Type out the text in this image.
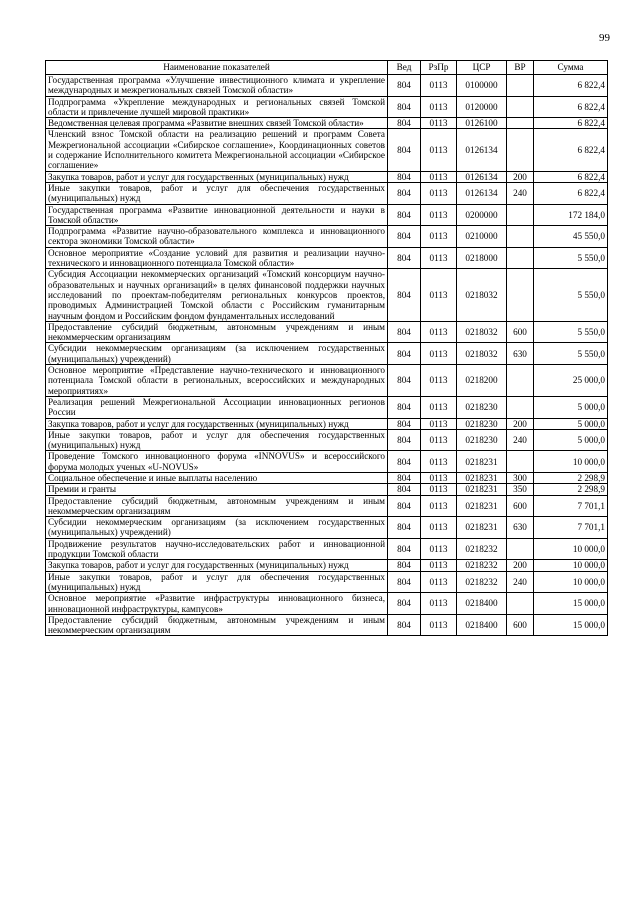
99
Наименование показателей	Вед	РзПр	ЦСР	ВР	Сумма
Государственная программа «Улучшение инвестиционного климата и укрепление международных и межрегиональных связей Томской области»	804	0113	0100000		6 822,4
Подпрограмма «Укрепление международных и региональных связей Томской области и привлечение лучшей мировой практики»	804	0113	0120000		6 822,4
Ведомственная целевая программа «Развитие внешних связей Томской области»	804	0113	0126100		6 822,4
Членский взнос Томской области на реализацию решений и программ Совета Межрегиональной ассоциации «Сибирское соглашение», Координационных советов и содержание Исполнительного комитета Межрегиональной ассоциации «Сибирское соглашение»	804	0113	0126134		6 822,4
Закупка товаров, работ и услуг для государственных (муниципальных) нужд	804	0113	0126134	200	6 822,4
Иные закупки товаров, работ и услуг для обеспечения государственных (муниципальных) нужд	804	0113	0126134	240	6 822,4
Государственная программа «Развитие инновационной деятельности и науки в Томской области»	804	0113	0200000		172 184,0
Подпрограмма «Развитие научно-образовательного комплекса и инновационного сектора экономики Томской области»	804	0113	0210000		45 550,0
Основное мероприятие «Создание условий для развития и реализации научно-технического и инновационного потенциала Томской области»	804	0113	0218000		5 550,0
Субсидия Ассоциации некоммерческих организаций «Томский консорциум научно-образовательных и научных организаций» в целях финансовой поддержки научных исследований по проектам-победителям региональных конкурсов проектов, проводимых Администрацией Томской области с Российским гуманитарным научным фондом и Российским фондом фундаментальных исследований	804	0113	0218032		5 550,0
Предоставление субсидий бюджетным, автономным учреждениям и иным некоммерческим организациям	804	0113	0218032	600	5 550,0
Субсидии некоммерческим организациям (за исключением государственных (муниципальных) учреждений)	804	0113	0218032	630	5 550,0
Основное мероприятие «Представление научно-технического и инновационного потенциала Томской области в региональных, всероссийских и международных мероприятиях»	804	0113	0218200		25 000,0
Реализация решений Межрегиональной Ассоциации инновационных регионов России	804	0113	0218230		5 000,0
Закупка товаров, работ и услуг для государственных (муниципальных) нужд	804	0113	0218230	200	5 000,0
Иные закупки товаров, работ и услуг для обеспечения государственных (муниципальных) нужд	804	0113	0218230	240	5 000,0
Проведение Томского инновационного форума «INNOVUS» и всероссийского форума молодых ученых «U-NOVUS»	804	0113	0218231		10 000,0
Социальное обеспечение и иные выплаты населению	804	0113	0218231	300	2 298,9
Премии и гранты	804	0113	0218231	350	2 298,9
Предоставление субсидий бюджетным, автономным учреждениям и иным некоммерческим организациям	804	0113	0218231	600	7 701,1
Субсидии некоммерческим организациям (за исключением государственных (муниципальных) учреждений)	804	0113	0218231	630	7 701,1
Продвижение результатов научно-исследовательских работ и инновационной продукции Томской области	804	0113	0218232		10 000,0
Закупка товаров, работ и услуг для государственных (муниципальных) нужд	804	0113	0218232	200	10 000,0
Иные закупки товаров, работ и услуг для обеспечения государственных (муниципальных) нужд	804	0113	0218232	240	10 000,0
Основное мероприятие «Развитие инфраструктуры инновационного бизнеса, инновационной инфраструктуры, кампусов»	804	0113	0218400		15 000,0
Предоставление субсидий бюджетным, автономным учреждениям и иным некоммерческим организациям	804	0113	0218400	600	15 000,0
